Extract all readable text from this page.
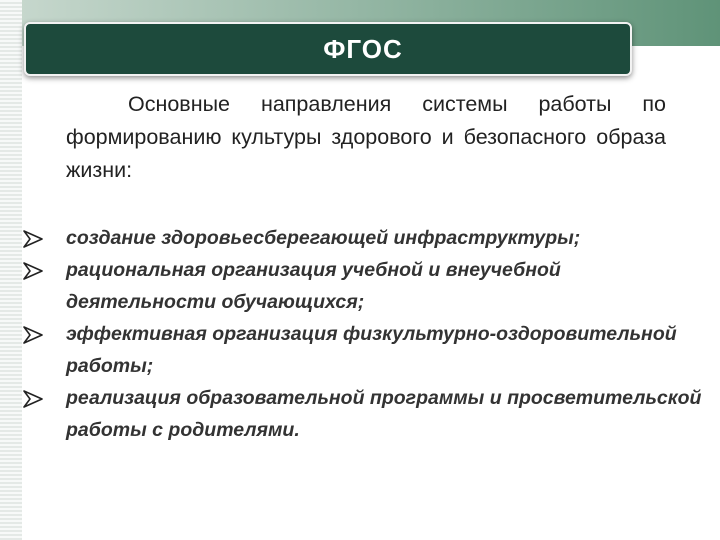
ФГОС
Основные направления системы работы по формированию культуры здорового и безопасного образа жизни:
создание здоровьесберегающей инфраструктуры;
рациональная организация учебной и внеучебной деятельности обучающихся;
эффективная организация физкультурно-оздоровительной работы;
реализация образовательной программы и просветительской работы с родителями.
